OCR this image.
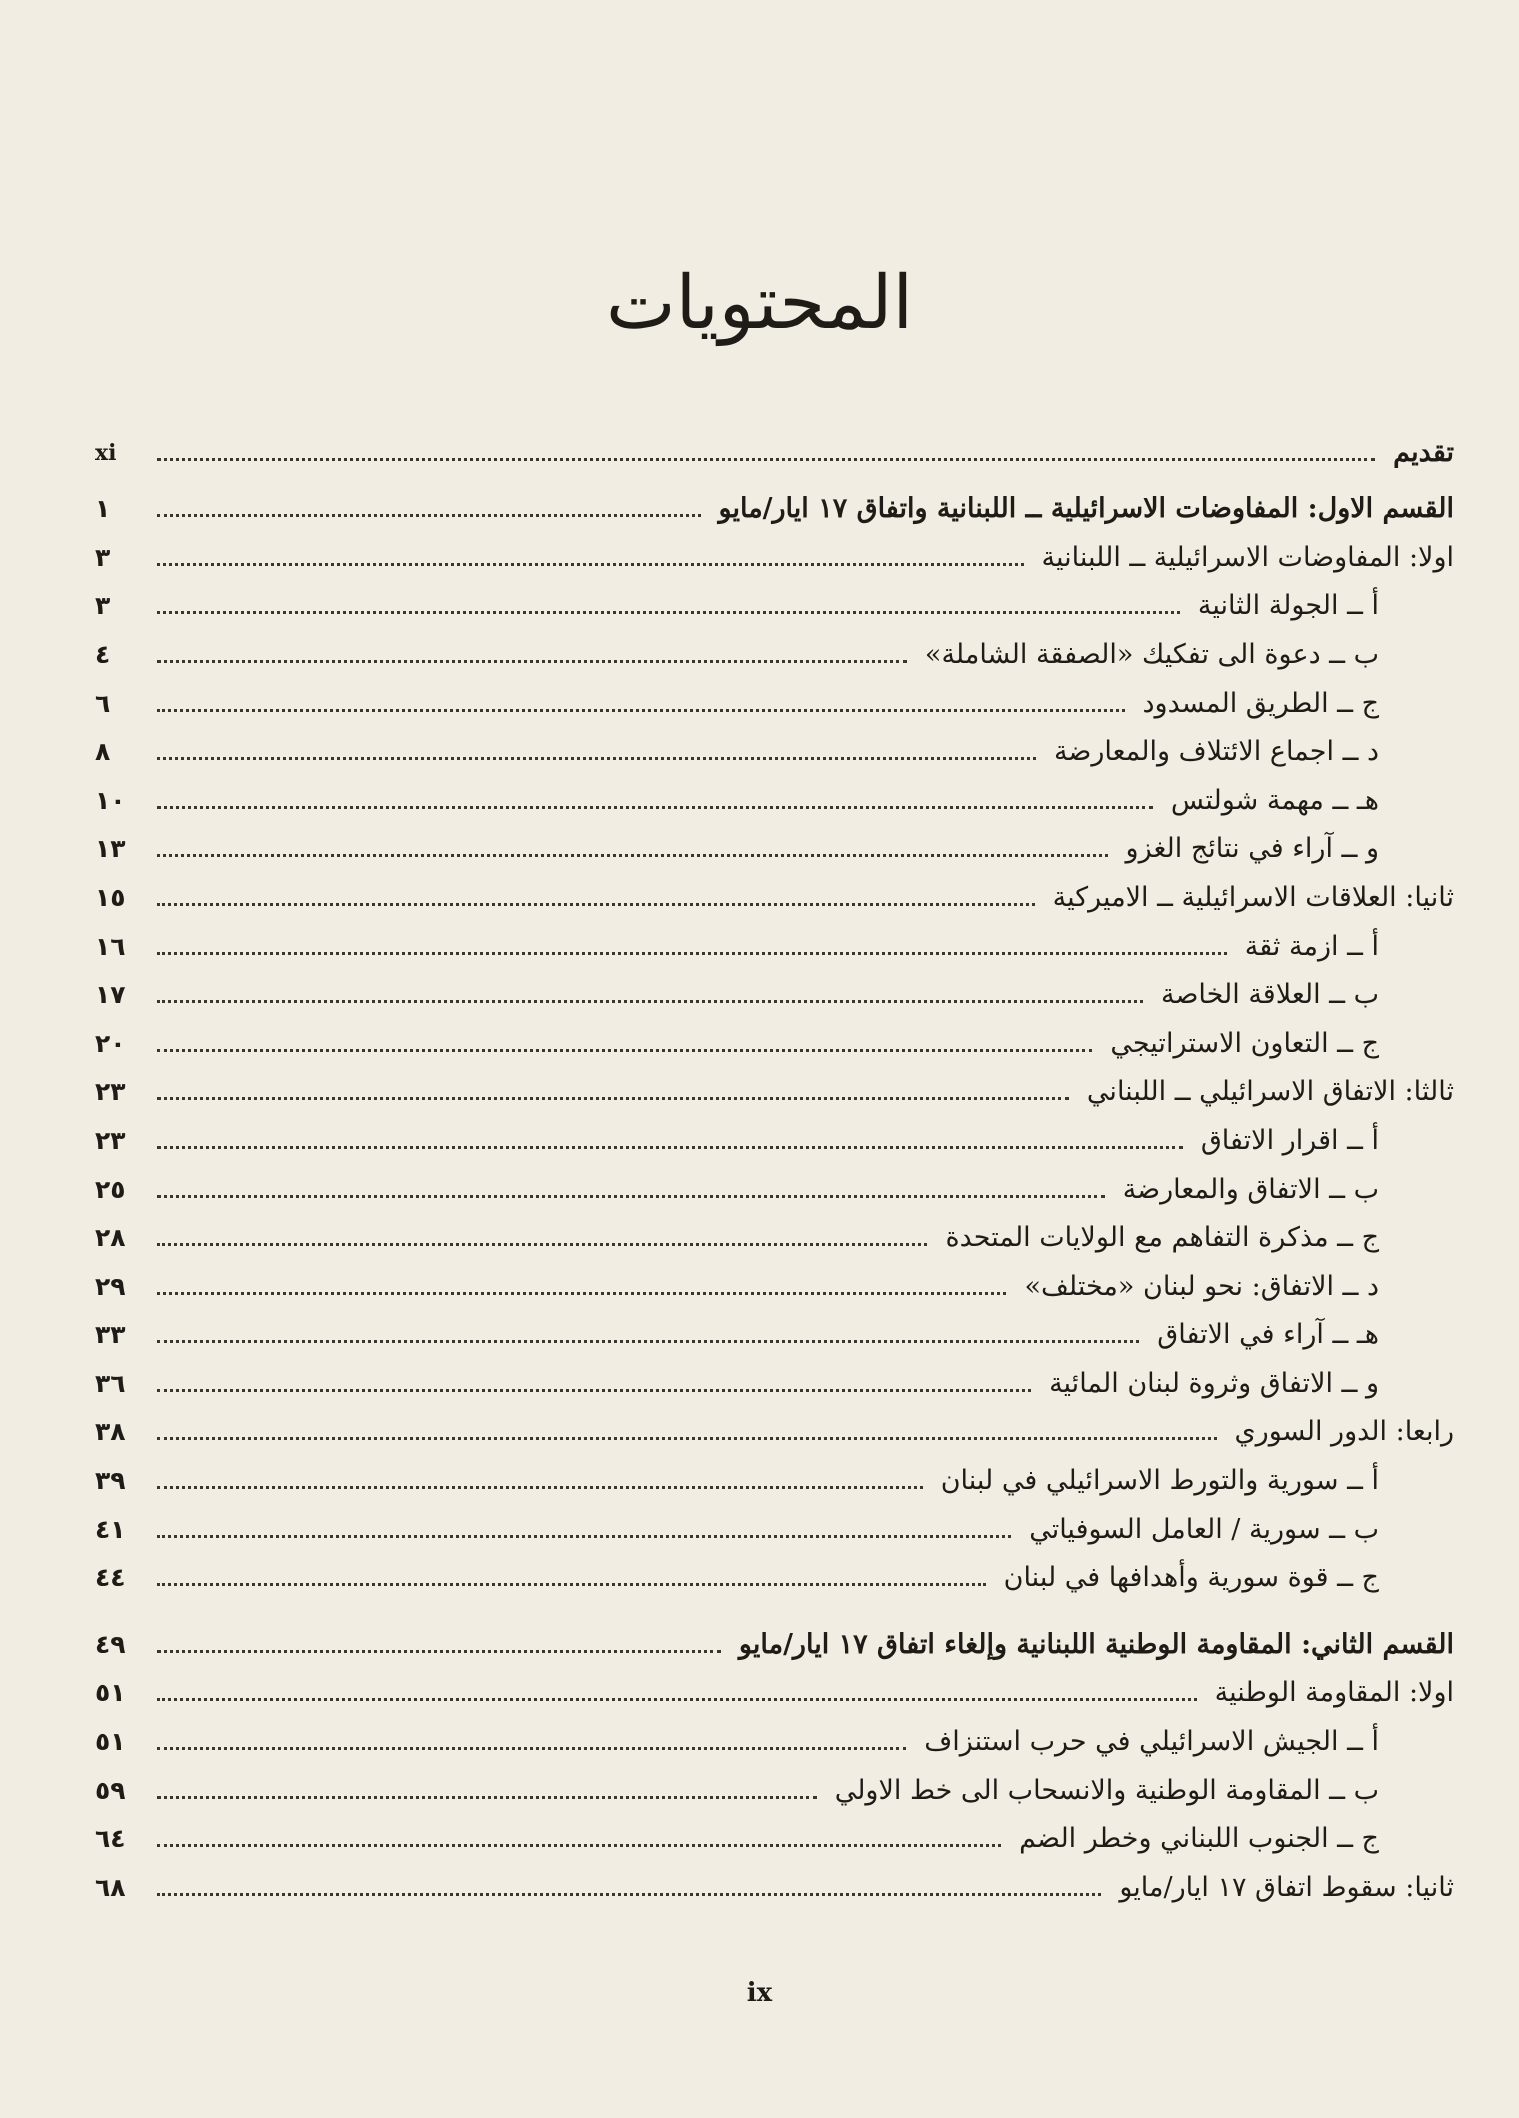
المحتويات
تقديم
xi
القسم الاول: المفاوضات الاسرائيلية ــ اللبنانية واتفاق ١٧ ايار/مايو
١
اولا: المفاوضات الاسرائيلية ــ اللبنانية
٣
أ ــ الجولة الثانية
٣
ب ــ دعوة الى تفكيك «الصفقة الشاملة»
٤
ج ــ الطريق المسدود
٦
د ــ اجماع الائتلاف والمعارضة
٨
هـ ــ مهمة شولتس
١٠
و ــ آراء في نتائج الغزو
١٣
ثانيا: العلاقات الاسرائيلية ــ الاميركية
١٥
أ ــ ازمة ثقة
١٦
ب ــ العلاقة الخاصة
١٧
ج ــ التعاون الاستراتيجي
٢٠
ثالثا: الاتفاق الاسرائيلي ــ اللبناني
٢٣
أ ــ اقرار الاتفاق
٢٣
ب ــ الاتفاق والمعارضة
٢٥
ج ــ مذكرة التفاهم مع الولايات المتحدة
٢٨
د ــ الاتفاق: نحو لبنان «مختلف»
٢٩
هـ ــ آراء في الاتفاق
٣٣
و ــ الاتفاق وثروة لبنان المائية
٣٦
رابعا: الدور السوري
٣٨
أ ــ سورية والتورط الاسرائيلي في لبنان
٣٩
ب ــ سورية / العامل السوفياتي
٤١
ج ــ قوة سورية وأهدافها في لبنان
٤٤
القسم الثاني: المقاومة الوطنية اللبنانية وإلغاء اتفاق ١٧ ايار/مايو
٤٩
اولا: المقاومة الوطنية
٥١
أ ــ الجيش الاسرائيلي في حرب استنزاف
٥١
ب ــ المقاومة الوطنية والانسحاب الى خط الاولي
٥٩
ج ــ الجنوب اللبناني وخطر الضم
٦٤
ثانيا: سقوط اتفاق ١٧ ايار/مايو
٦٨
ix
